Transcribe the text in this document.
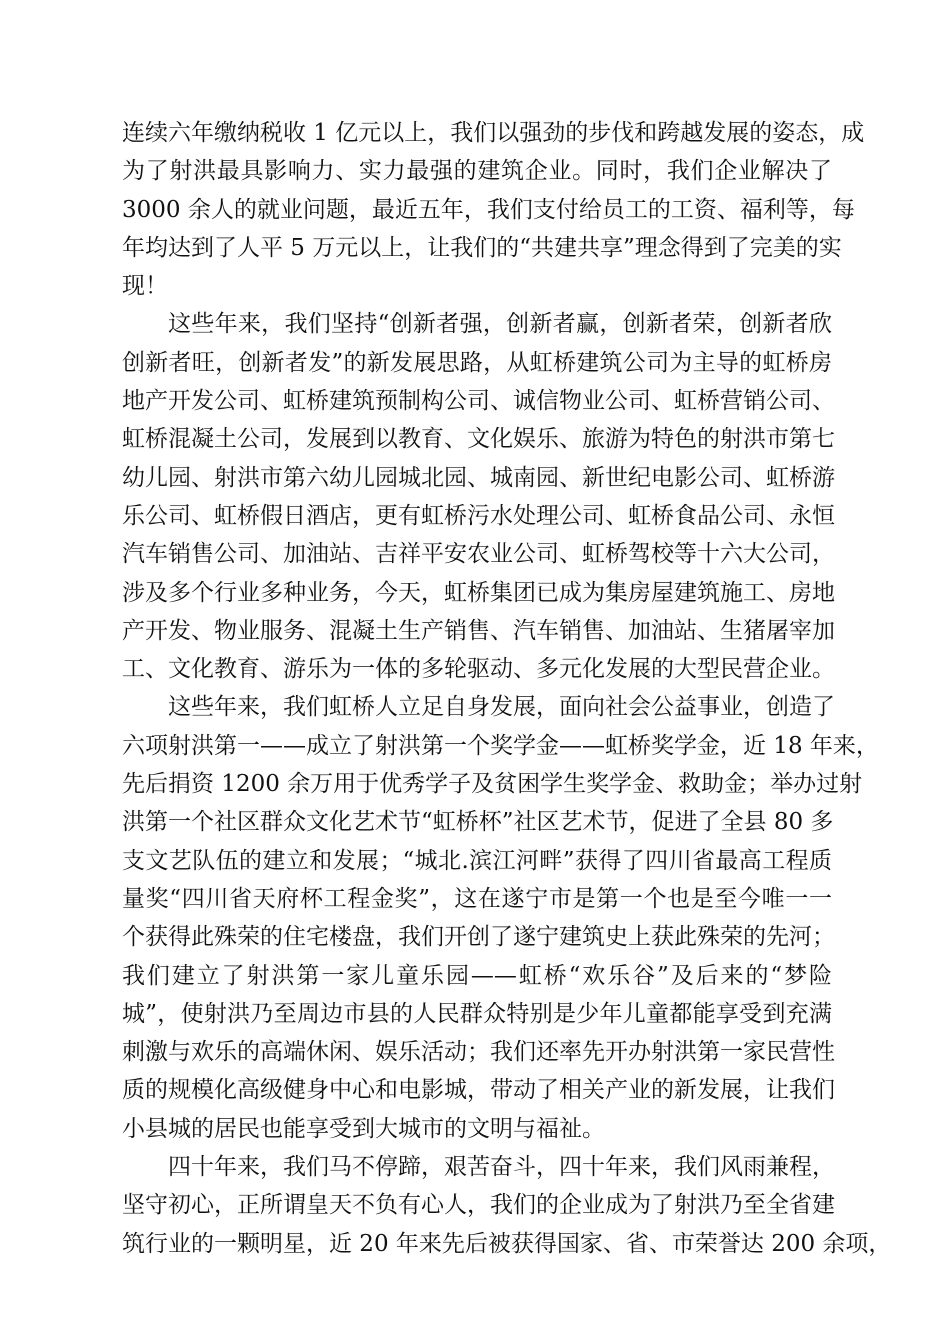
连续六年缴纳税收 1 亿元以上，我们以强劲的步伐和跨越发展的姿态，成
为了射洪最具影响力、实力最强的建筑企业。同时，我们企业解决了
3000 余人的就业问题，最近五年，我们支付给员工的工资、福利等，每
年均达到了人平 5 万元以上，让我们的“共建共享”理念得到了完美的实
现！
这些年来，我们坚持“创新者强，创新者赢，创新者荣，创新者欣
创新者旺，创新者发”的新发展思路，从虹桥建筑公司为主导的虹桥房
地产开发公司、虹桥建筑预制构公司、诚信物业公司、虹桥营销公司、
虹桥混凝土公司，发展到以教育、文化娱乐、旅游为特色的射洪市第七
幼儿园、射洪市第六幼儿园城北园、城南园、新世纪电影公司、虹桥游
乐公司、虹桥假日酒店，更有虹桥污水处理公司、虹桥食品公司、永恒
汽车销售公司、加油站、吉祥平安农业公司、虹桥驾校等十六大公司，
涉及多个行业多种业务，今天，虹桥集团已成为集房屋建筑施工、房地
产开发、物业服务、混凝土生产销售、汽车销售、加油站、生猪屠宰加
工、文化教育、游乐为一体的多轮驱动、多元化发展的大型民营企业。
这些年来，我们虹桥人立足自身发展，面向社会公益事业，创造了
六项射洪第一——成立了射洪第一个奖学金——虹桥奖学金，近 18 年来，
先后捐资 1200 余万用于优秀学子及贫困学生奖学金、救助金；举办过射
洪第一个社区群众文化艺术节“虹桥杯”社区艺术节，促进了全县 80 多
支文艺队伍的建立和发展；“城北.滨江河畔”获得了四川省最高工程质
量奖“四川省天府杯工程金奖”，这在遂宁市是第一个也是至今唯一一
个获得此殊荣的住宅楼盘，我们开创了遂宁建筑史上获此殊荣的先河；
我们建立了射洪第一家儿童乐园——虹桥“欢乐谷”及后来的“梦险
城”，使射洪乃至周边市县的人民群众特别是少年儿童都能享受到充满
刺激与欢乐的高端休闲、娱乐活动；我们还率先开办射洪第一家民营性
质的规模化高级健身中心和电影城，带动了相关产业的新发展，让我们
小县城的居民也能享受到大城市的文明与福祉。
四十年来，我们马不停蹄，艰苦奋斗，四十年来，我们风雨兼程，
坚守初心，正所谓皇天不负有心人，我们的企业成为了射洪乃至全省建
筑行业的一颗明星，近 20 年来先后被获得国家、省、市荣誉达 200 余项，
